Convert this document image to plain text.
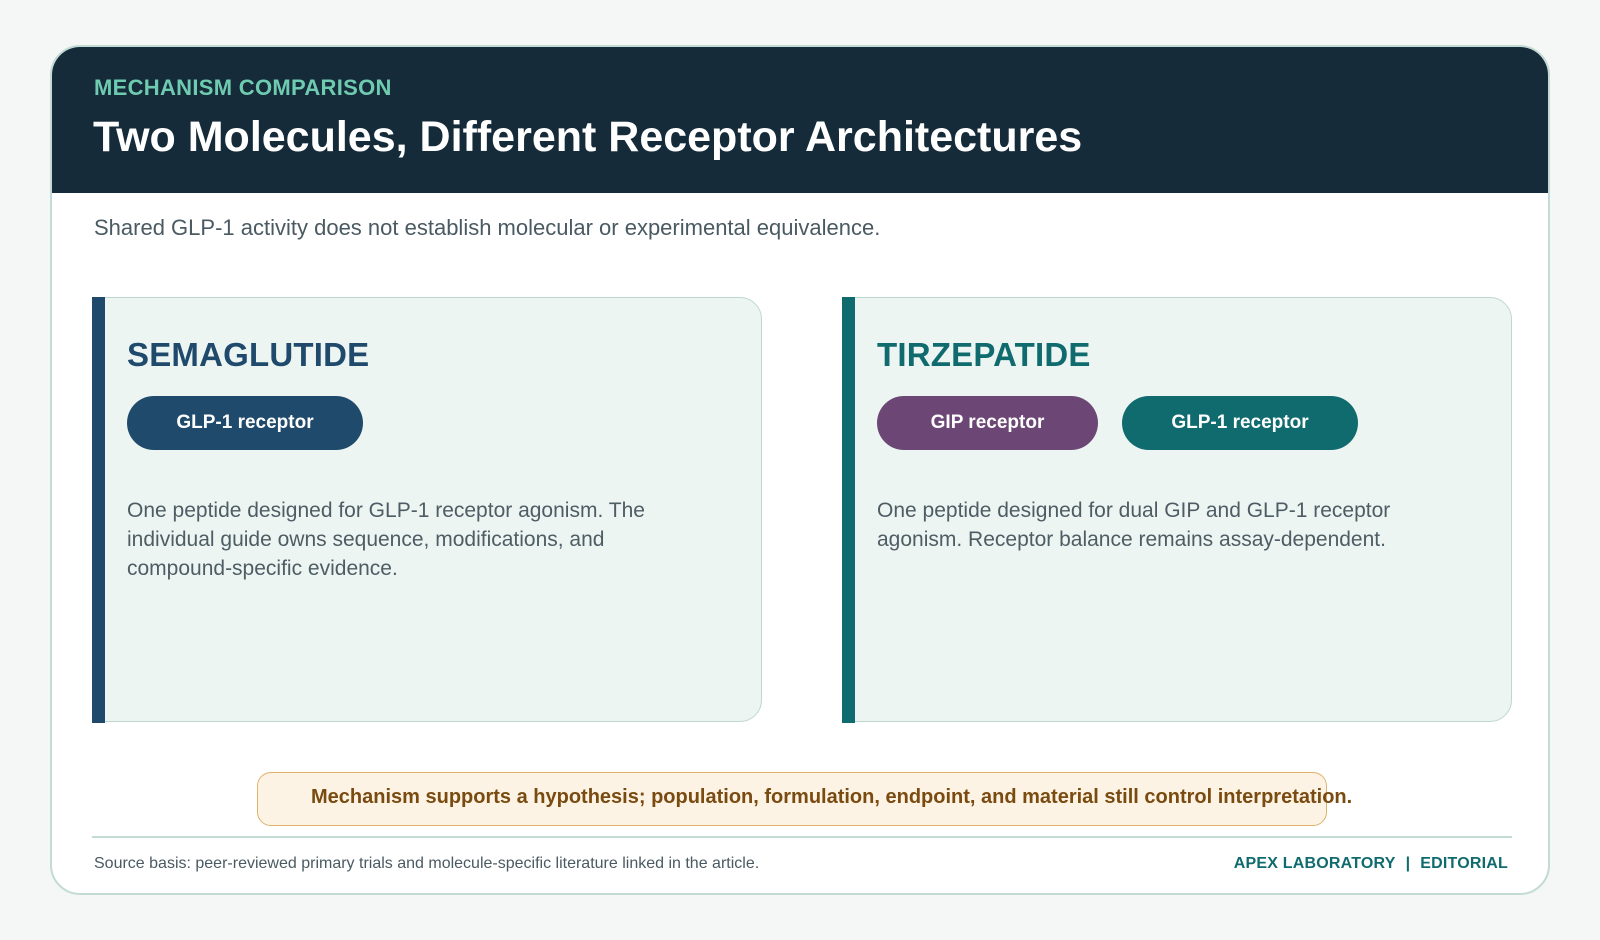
MECHANISM COMPARISON
Two Molecules, Different Receptor Architectures
Shared GLP-1 activity does not establish molecular or experimental equivalence.
SEMAGLUTIDE
GLP-1 receptor
One peptide designed for GLP-1 receptor agonism. The individual guide owns sequence, modifications, and compound-specific evidence.
TIRZEPATIDE
GIP receptor	GLP-1 receptor
One peptide designed for dual GIP and GLP-1 receptor agonism. Receptor balance remains assay-dependent.
Mechanism supports a hypothesis; population, formulation, endpoint, and material still control interpretation.
Source basis: peer-reviewed primary trials and molecule-specific literature linked in the article.	APEX LABORATORY | EDITORIAL
